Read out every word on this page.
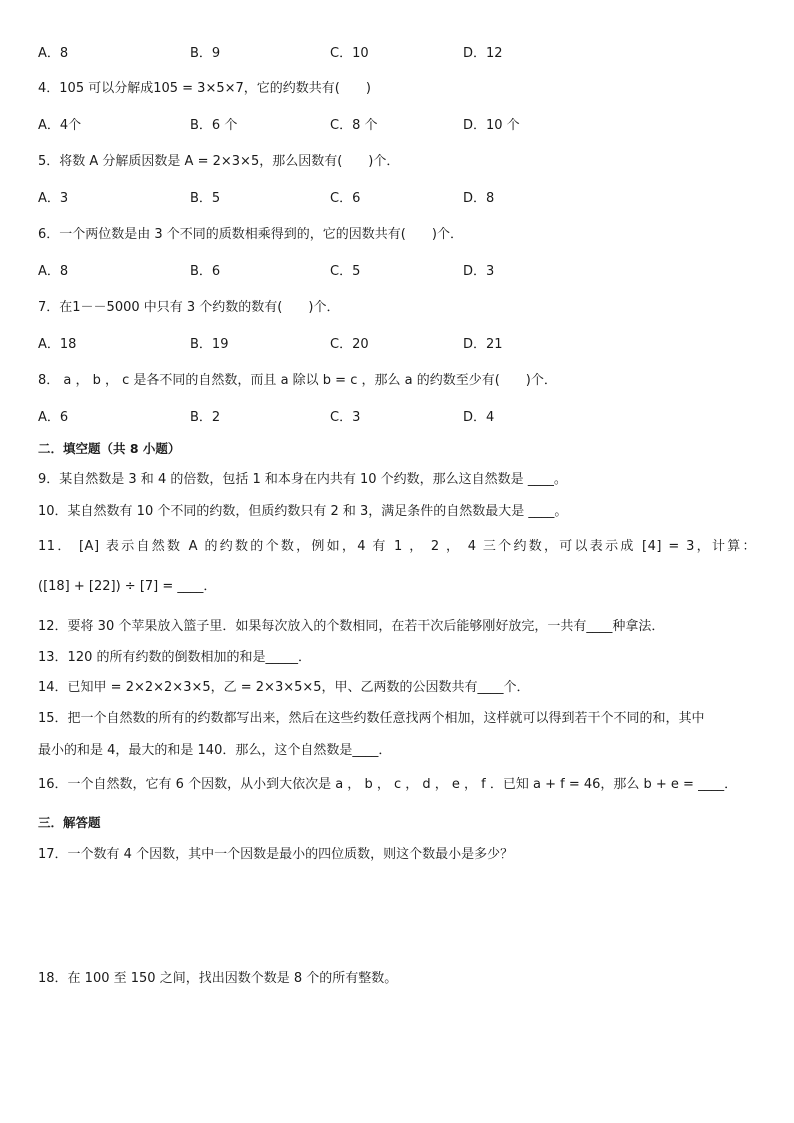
A．8	B．9	C．10	D．12
4．105 可以分解成105 = 3×5×7，它的约数共有(　　)
A．4个	B．6 个	C．8 个	D．10 个
5．将数 A 分解质因数是 A = 2×3×5，那么因数有(　　)个．
A．3	B．5	C．6	D．8
6．一个两位数是由 3 个不同的质数相乘得到的，它的因数共有(　　)个．
A．8	B．6	C．5	D．3
7．在1－－5000 中只有 3 个约数的数有(　　)个．
A．18	B．19	C．20	D．21
8． a ， b ， c 是各不同的自然数，而且 a 除以 b = c ，那么 a 的约数至少有(　　)个．
A．6	B．2	C．3	D．4
二．填空题（共 8 小题）
9．某自然数是 3 和 4 的倍数，包括 1 和本身在内共有 10 个约数，那么这自然数是 ____。
10．某自然数有 10 个不同的约数，但质约数只有 2 和 3，满足条件的自然数最大是 ____。
11． [A] 表示自然数 A 的约数的个数，例如，4 有 1 ， 2 ， 4 三个约数，可以表示成 [4] = 3，计算：
([18] + [22]) ÷ [7] = ____．
12．要将 30 个苹果放入篮子里．如果每次放入的个数相同，在若干次后能够刚好放完，一共有____种拿法．
13．120 的所有约数的倒数相加的和是_____．
14．已知甲 = 2×2×2×3×5，乙 = 2×3×5×5，甲、乙两数的公因数共有____个．
15．把一个自然数的所有的约数都写出来，然后在这些约数任意找两个相加，这样就可以得到若干个不同的和，其中
最小的和是 4，最大的和是 140．那么，这个自然数是____．
16．一个自然数，它有 6 个因数，从小到大依次是 a ， b ， c ， d ， e ， f ．已知 a + f = 46，那么 b + e = ____．
三．解答题
17．一个数有 4 个因数，其中一个因数是最小的四位质数，则这个数最小是多少？
18．在 100 至 150 之间，找出因数个数是 8 个的所有整数。
